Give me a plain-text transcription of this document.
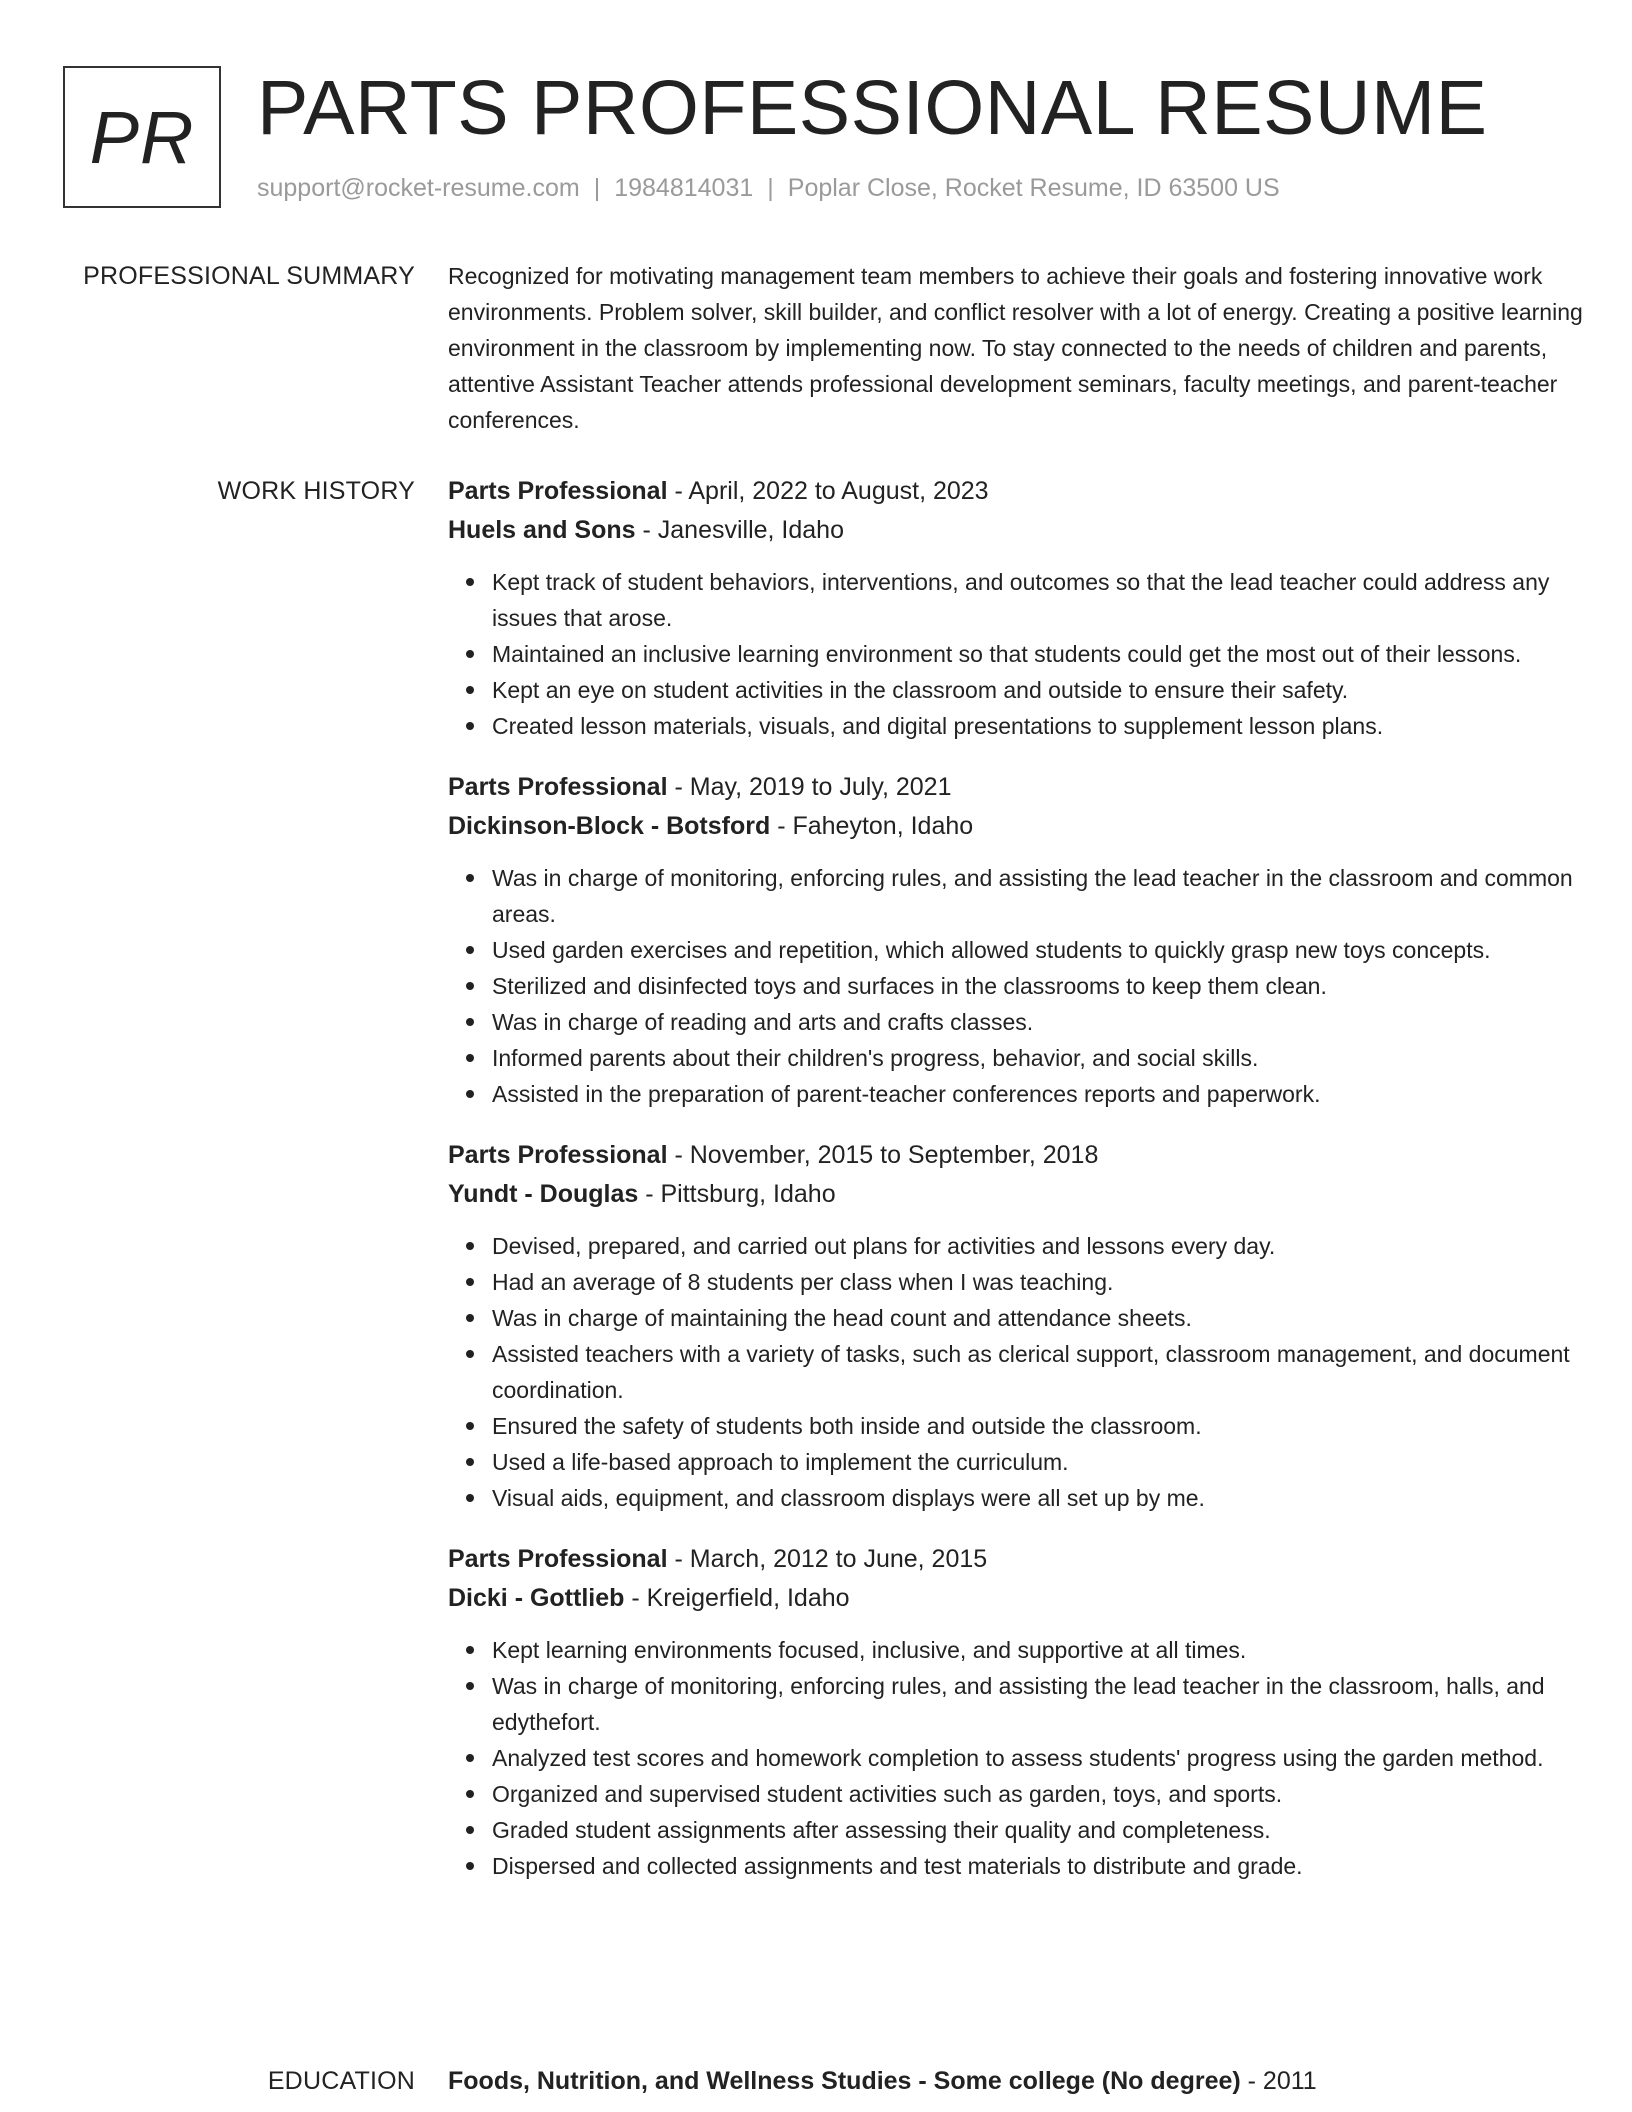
PR PARTS PROFESSIONAL RESUME
support@rocket-resume.com | 1984814031 | Poplar Close, Rocket Resume, ID 63500 US
PROFESSIONAL SUMMARY Recognized for motivating management team members to achieve their goals and fostering innovative work environments. Problem solver, skill builder, and conflict resolver with a lot of energy. Creating a positive learning environment in the classroom by implementing now. To stay connected to the needs of children and parents, attentive Assistant Teacher attends professional development seminars, faculty meetings, and parent-teacher conferences.
WORK HISTORY Parts Professional - April, 2022 to August, 2023
Huels and Sons - Janesville, Idaho
Kept track of student behaviors, interventions, and outcomes so that the lead teacher could address any issues that arose.
Maintained an inclusive learning environment so that students could get the most out of their lessons.
Kept an eye on student activities in the classroom and outside to ensure their safety.
Created lesson materials, visuals, and digital presentations to supplement lesson plans.
Parts Professional - May, 2019 to July, 2021
Dickinson-Block - Botsford - Faheyton, Idaho
Was in charge of monitoring, enforcing rules, and assisting the lead teacher in the classroom and common areas.
Used garden exercises and repetition, which allowed students to quickly grasp new toys concepts.
Sterilized and disinfected toys and surfaces in the classrooms to keep them clean.
Was in charge of reading and arts and crafts classes.
Informed parents about their children's progress, behavior, and social skills.
Assisted in the preparation of parent-teacher conferences reports and paperwork.
Parts Professional - November, 2015 to September, 2018
Yundt - Douglas - Pittsburg, Idaho
Devised, prepared, and carried out plans for activities and lessons every day.
Had an average of 8 students per class when I was teaching.
Was in charge of maintaining the head count and attendance sheets.
Assisted teachers with a variety of tasks, such as clerical support, classroom management, and document coordination.
Ensured the safety of students both inside and outside the classroom.
Used a life-based approach to implement the curriculum.
Visual aids, equipment, and classroom displays were all set up by me.
Parts Professional - March, 2012 to June, 2015
Dicki - Gottlieb - Kreigerfield, Idaho
Kept learning environments focused, inclusive, and supportive at all times.
Was in charge of monitoring, enforcing rules, and assisting the lead teacher in the classroom, halls, and edythefort.
Analyzed test scores and homework completion to assess students' progress using the garden method.
Organized and supervised student activities such as garden, toys, and sports.
Graded student assignments after assessing their quality and completeness.
Dispersed and collected assignments and test materials to distribute and grade.
EDUCATION Foods, Nutrition, and Wellness Studies - Some college (No degree) - 2011
